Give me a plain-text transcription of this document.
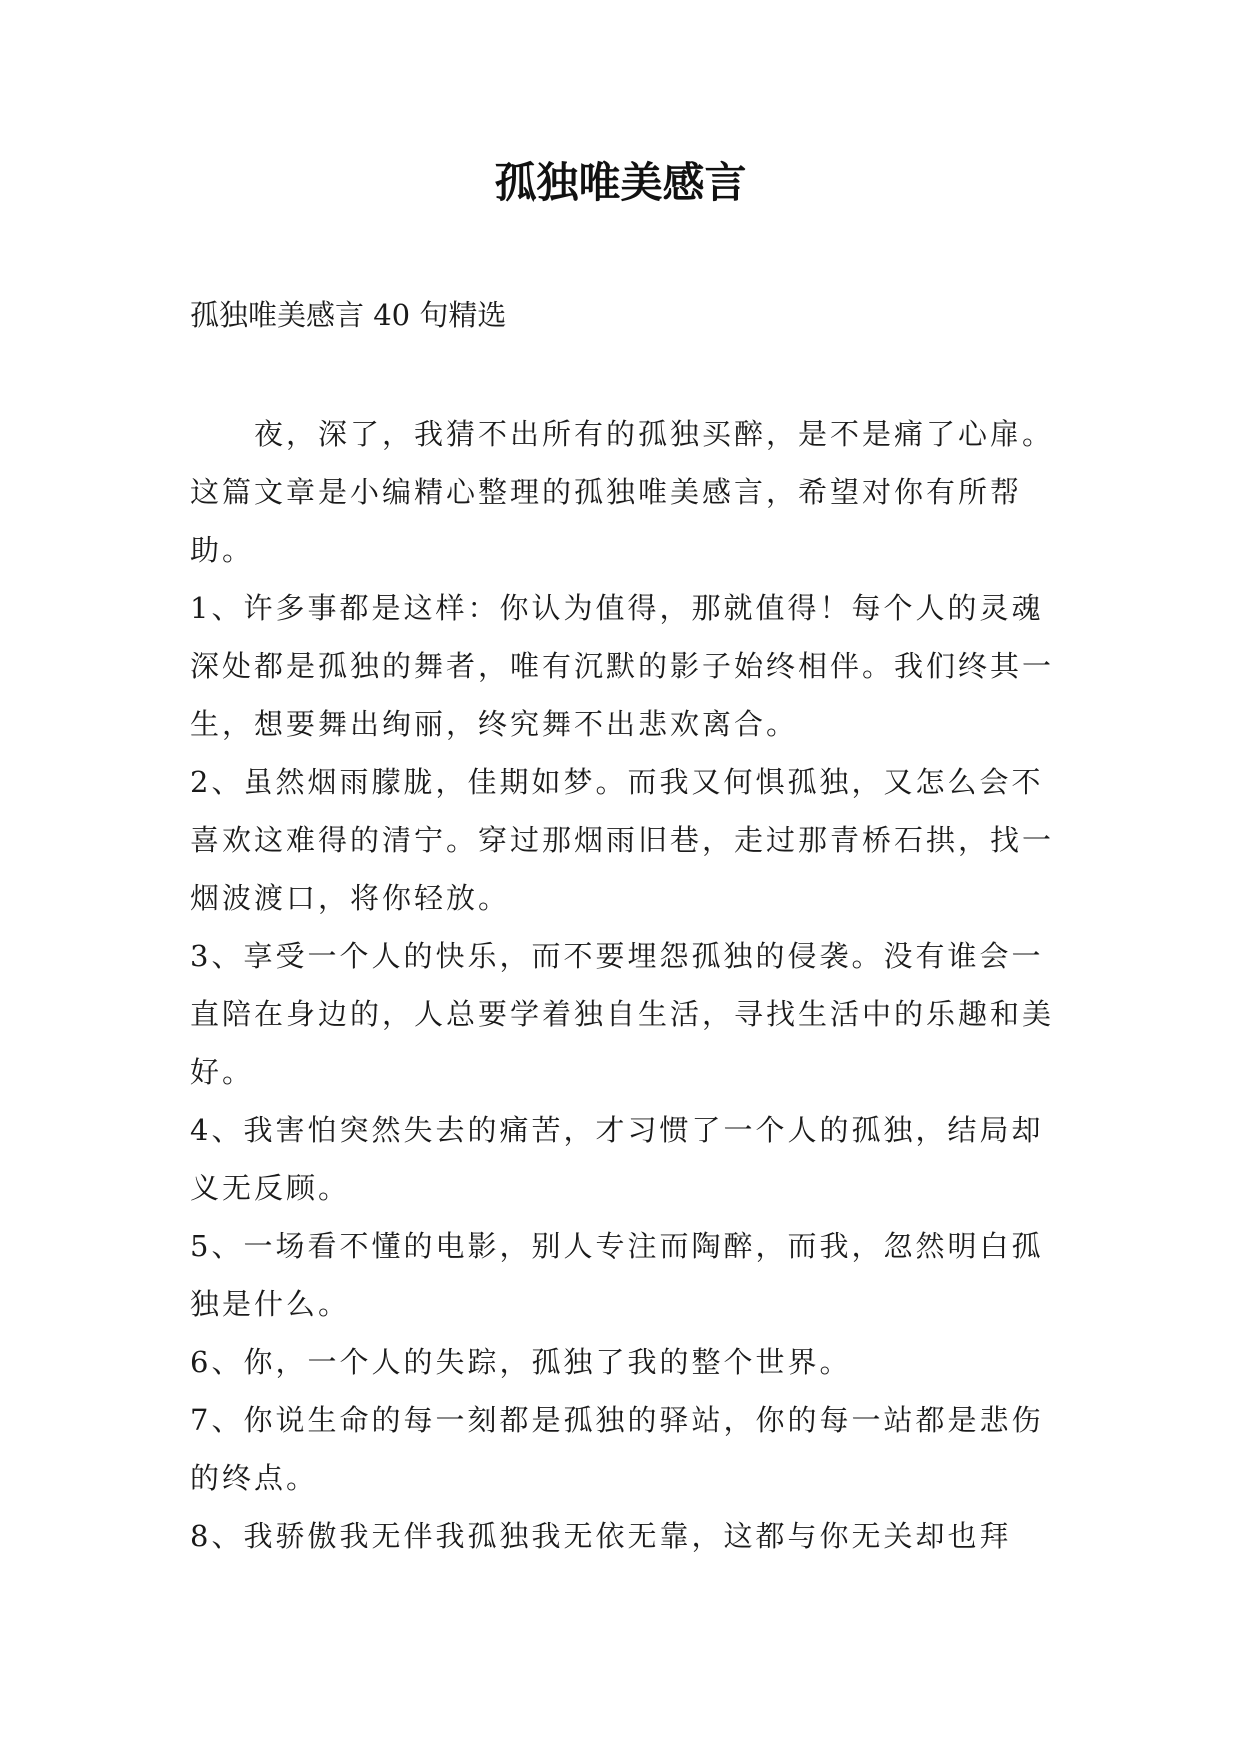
孤独唯美感言

孤独唯美感言 40 句精选

夜，深了，我猜不出所有的孤独买醉，是不是痛了心扉。这篇文章是小编精心整理的孤独唯美感言，希望对你有所帮助。

1、许多事都是这样：你认为值得，那就值得！每个人的灵魂深处都是孤独的舞者，唯有沉默的影子始终相伴。我们终其一生，想要舞出绚丽，终究舞不出悲欢离合。

2、虽然烟雨朦胧，佳期如梦。而我又何惧孤独，又怎么会不喜欢这难得的清宁。穿过那烟雨旧巷，走过那青桥石拱，找一烟波渡口，将你轻放。

3、享受一个人的快乐，而不要埋怨孤独的侵袭。没有谁会一直陪在身边的，人总要学着独自生活，寻找生活中的乐趣和美好。

4、我害怕突然失去的痛苦，才习惯了一个人的孤独，结局却义无反顾。

5、一场看不懂的电影，别人专注而陶醉，而我，忽然明白孤独是什么。

6、你，一个人的失踪，孤独了我的整个世界。

7、你说生命的每一刻都是孤独的驿站，你的每一站都是悲伤的终点。

8、我骄傲我无伴我孤独我无依无靠，这都与你无关却也拜
